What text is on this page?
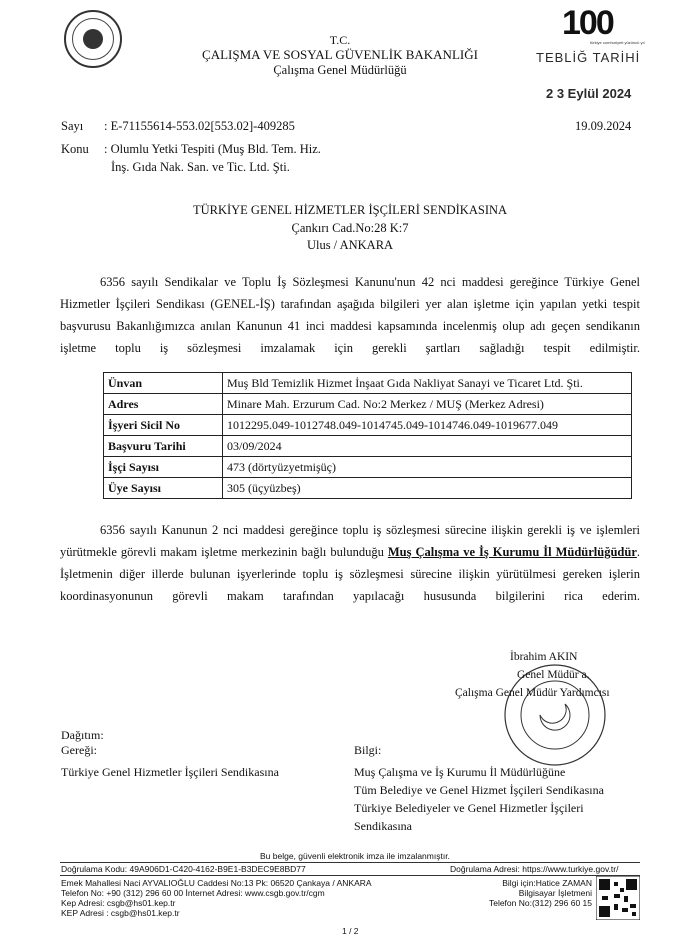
T.C.
ÇALIŞMA VE SOSYAL GÜVENLİK BAKANLIĞI
Çalışma Genel Müdürlüğü
100
türkiye cumhuriyeti yüzüncü yıl
TEBLİĞ TARİHİ
2 3 Eylül 2024
Sayı : E-71155614-553.02[553.02]-409285	19.09.2024
Konu : Olumlu Yetki Tespiti (Muş Bld. Tem. Hiz.
İnş. Gıda Nak. San. ve Tic. Ltd. Şti.
TÜRKİYE GENEL HİZMETLER İŞÇİLERİ SENDİKASINA
Çankırı Cad.No:28 K:7
Ulus / ANKARA
6356 sayılı Sendikalar ve Toplu İş Sözleşmesi Kanunu'nun 42 nci maddesi gereğince Türkiye Genel Hizmetler İşçileri Sendikası (GENEL-İŞ) tarafından aşağıda bilgileri yer alan işletme için yapılan yetki tespit başvurusu Bakanlığımızca anılan Kanunun 41 inci maddesi kapsamında incelenmiş olup adı geçen sendikanın işletme toplu iş sözleşmesi imzalamak için gerekli şartları sağladığı tespit edilmiştir.
Ünvan	Muş Bld Temizlik Hizmet İnşaat Gıda Nakliyat Sanayi ve Ticaret Ltd. Şti.
Adres	Minare Mah. Erzurum Cad. No:2 Merkez / MUŞ (Merkez Adresi)
İşyeri Sicil No	1012295.049-1012748.049-1014745.049-1014746.049-1019677.049
Başvuru Tarihi	03/09/2024
İşçi Sayısı	473 (dörtyüzyetmişüç)
Üye Sayısı	305 (üçyüzbeş)
6356 sayılı Kanunun 2 nci maddesi gereğince toplu iş sözleşmesi sürecine ilişkin gerekli iş ve işlemleri yürütmekle görevli makam işletme merkezinin bağlı bulunduğu Muş Çalışma ve İş Kurumu İl Müdürlüğüdür. İşletmenin diğer illerde bulunan işyerlerinde toplu iş sözleşmesi sürecine ilişkin yürütülmesi gereken işlerin koordinasyonunun görevli makam tarafından yapılacağı hususunda bilgilerini rica ederim.
İbrahim AKIN
Genel Müdür a.
Çalışma Genel Müdür Yardımcısı
Dağıtım:
Gereği:
Türkiye Genel Hizmetler İşçileri Sendikasına
Bilgi:
Muş Çalışma ve İş Kurumu İl Müdürlüğüne
Tüm Belediye ve Genel Hizmet İşçileri Sendikasına
Türkiye Belediyeler ve Genel Hizmetler İşçileri
Sendikasına
Bu belge, güvenli elektronik imza ile imzalanmıştır.
Doğrulama Kodu: 49A906D1-C420-4162-B9E1-B3DEC9E8BD77	Doğrulama Adresi: https://www.turkiye.gov.tr/
Emek Mahallesi Naci AYVALIOĞLU Caddesi No:13 Pk: 06520 Çankaya / ANKARA
Telefon No: +90 (312) 296 60 00 İnternet Adresi: www.csgb.gov.tr/cgm
Kep Adresi: csgb@hs01.kep.tr
KEP Adresi : csgb@hs01.kep.tr
Bilgi için:Hatice ZAMAN
Bilgisayar İşletmeni
Telefon No:(312) 296 60 15
1 / 2
